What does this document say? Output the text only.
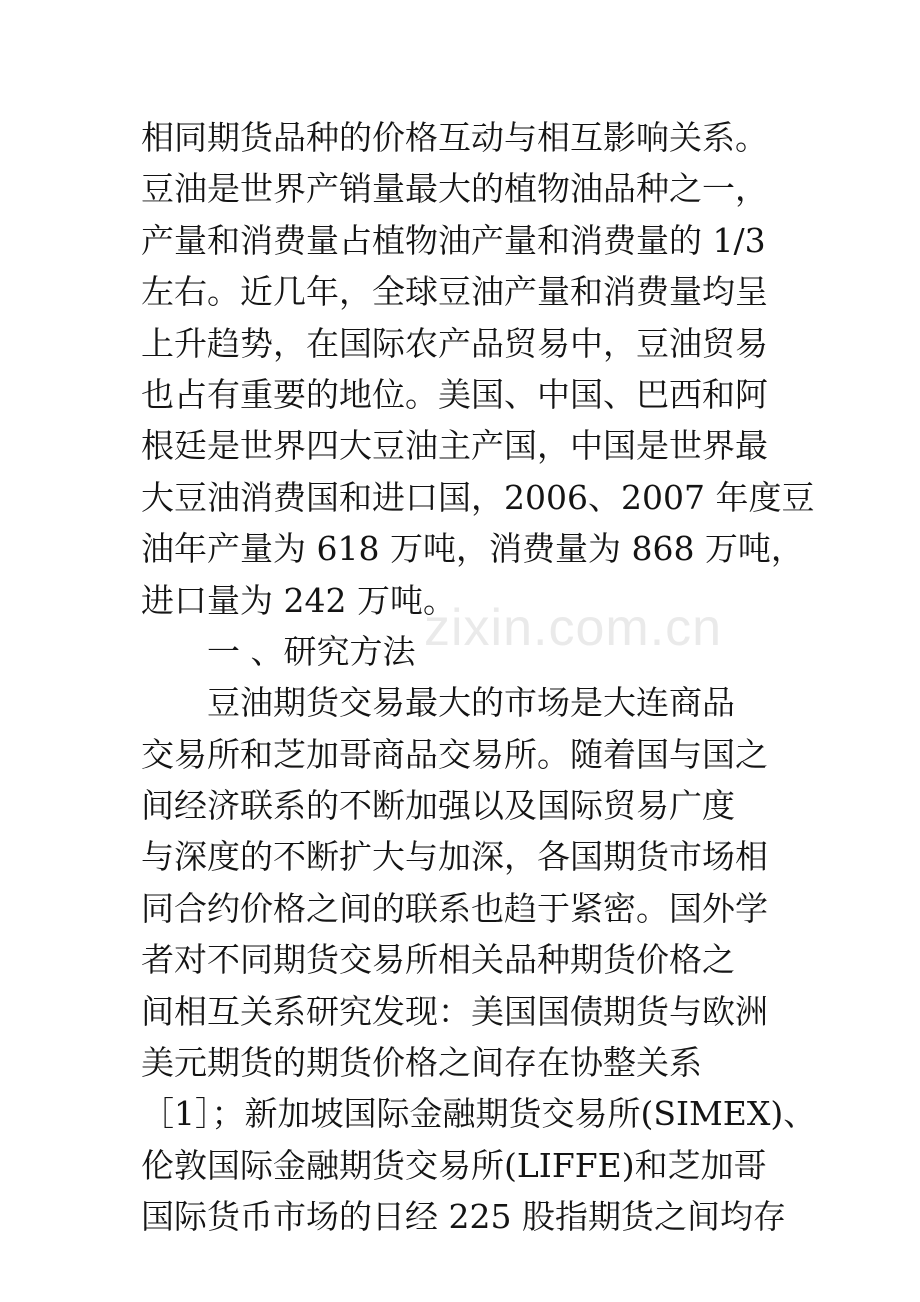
相同期货品种的价格互动与相互影响关系。
豆油是世界产销量最大的植物油品种之一，
产量和消费量占植物油产量和消费量的 1/3
左右。近几年，全球豆油产量和消费量均呈
上升趋势，在国际农产品贸易中，豆油贸易
也占有重要的地位。美国、中国、巴西和阿
根廷是世界四大豆油主产国，中国是世界最
大豆油消费国和进口国，2006、2007 年度豆
油年产量为 618 万吨，消费量为 868 万吨，
进口量为 242 万吨。
一 、研究方法
豆油期货交易最大的市场是大连商品
交易所和芝加哥商品交易所。随着国与国之
间经济联系的不断加强以及国际贸易广度
与深度的不断扩大与加深，各国期货市场相
同合约价格之间的联系也趋于紧密。国外学
者对不同期货交易所相关品种期货价格之
间相互关系研究发现：美国国债期货与欧洲
美元期货的期货价格之间存在协整关系
［1］；新加坡国际金融期货交易所(SIMEX)、
伦敦国际金融期货交易所(LIFFE)和芝加哥
国际货币市场的日经 225 股指期货之间均存
zixin.com.cn
